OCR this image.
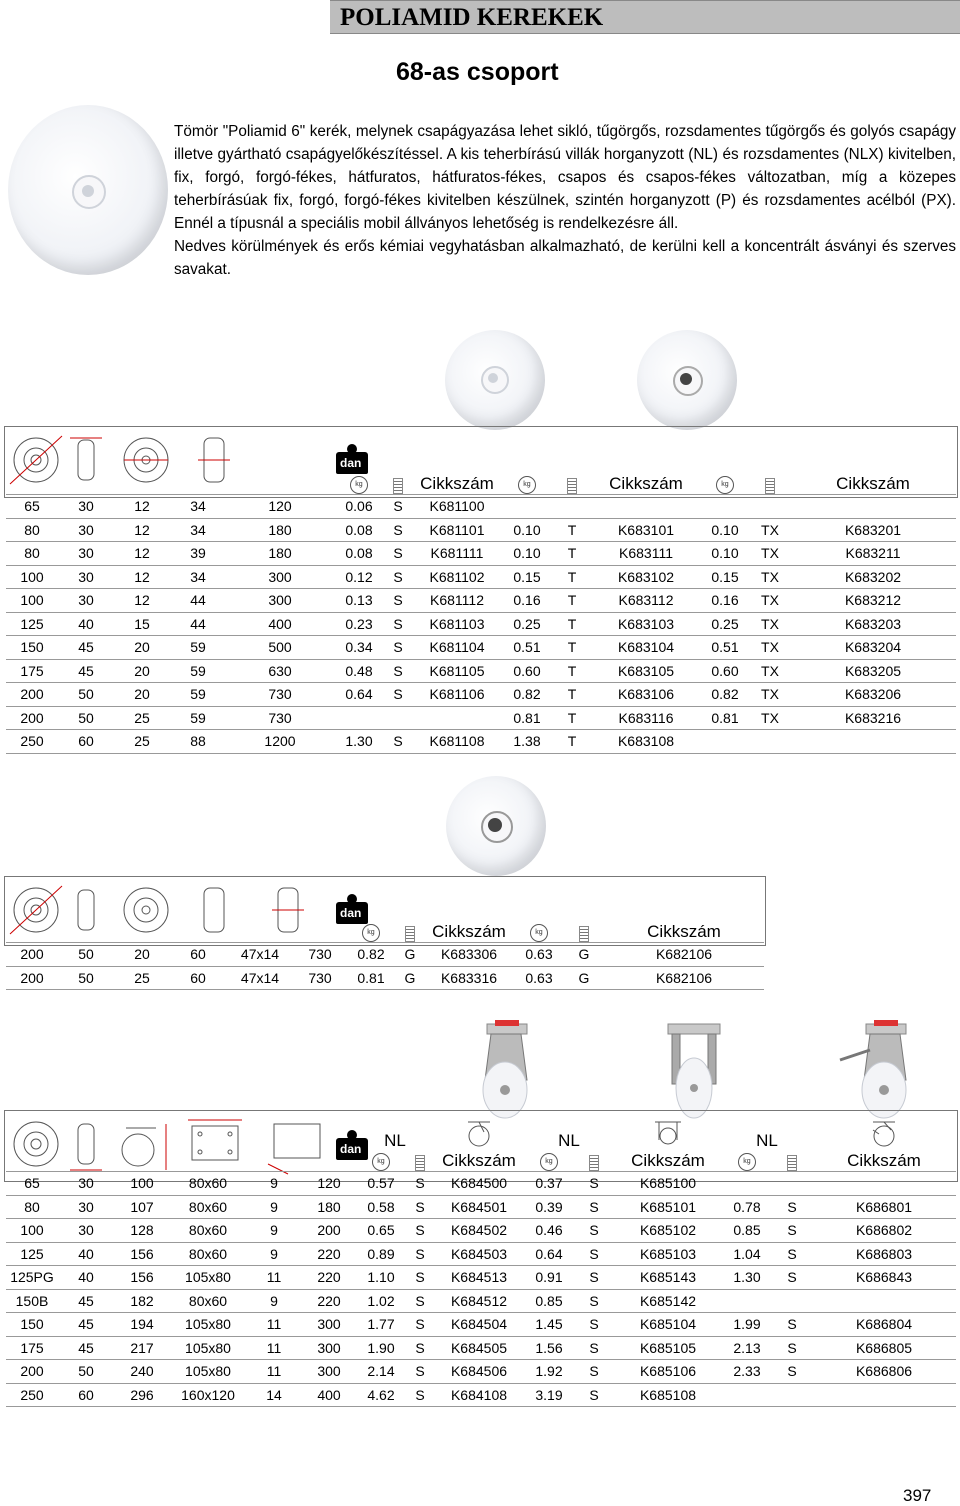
POLIAMID KEREKEK
68-as csoport
Tömör "Poliamid 6" kerék, melynek csapágyazása lehet sikló, tűgörgős, rozsdamentes tűgörgős és golyós csapágy illetve gyártható csapágyelőkészítéssel. A kis teherbírású villák horganyzott (NL) és rozsdamentes (NLX) kivitelben, fix, forgó, forgó-fékes, hátfuratos, hátfuratos-fékes, csapos és csapos-fékes változatban, míg a közepes teherbírásúak fix, forgó, forgó-fékes kivitelben készülnek, szintén horganyzott (P) és rozsdamentes acélból (PX). Ennél a típusnál a speciális mobil állványos lehetőség is rendelkezésre áll.
Nedves körülmények és erős kémiai vegyhatásban alkalmazható, de kerülni kell a koncentrált ásványi és szerves savakat.
dan
					kg		Cikkszám	kg		Cikkszám	kg		Cikkszám
65	30	12	34	120	0.06	S	K681100						
80	30	12	34	180	0.08	S	K681101	0.10	T	K683101	0.10	TX	K683201
80	30	12	39	180	0.08	S	K681111	0.10	T	K683111	0.10	TX	K683211
100	30	12	34	300	0.12	S	K681102	0.15	T	K683102	0.15	TX	K683202
100	30	12	44	300	0.13	S	K681112	0.16	T	K683112	0.16	TX	K683212
125	40	15	44	400	0.23	S	K681103	0.25	T	K683103	0.25	TX	K683203
150	45	20	59	500	0.34	S	K681104	0.51	T	K683104	0.51	TX	K683204
175	45	20	59	630	0.48	S	K681105	0.60	T	K683105	0.60	TX	K683205
200	50	20	59	730	0.64	S	K681106	0.82	T	K683106	0.82	TX	K683206
200	50	25	59	730				0.81	T	K683116	0.81	TX	K683216
250	60	25	88	1200	1.30	S	K681108	1.38	T	K683108			
dan
						kg		Cikkszám	kg		Cikkszám
200	50	20	60	47x14	730	0.82	G	K683306	0.63	G	K682106
200	50	25	60	47x14	730	0.81	G	K683316	0.63	G	K682106
dan
						NL			NL			NL	
						kg		Cikkszám	kg		Cikkszám	kg		Cikkszám
65	30	100	80x60	9	120	0.57	S	K684500	0.37	S	K685100			
80	30	107	80x60	9	180	0.58	S	K684501	0.39	S	K685101	0.78	S	K686801
100	30	128	80x60	9	200	0.65	S	K684502	0.46	S	K685102	0.85	S	K686802
125	40	156	80x60	9	220	0.89	S	K684503	0.64	S	K685103	1.04	S	K686803
125PG	40	156	105x80	11	220	1.10	S	K684513	0.91	S	K685143	1.30	S	K686843
150B	45	182	80x60	9	220	1.02	S	K684512	0.85	S	K685142			
150	45	194	105x80	11	300	1.77	S	K684504	1.45	S	K685104	1.99	S	K686804
175	45	217	105x80	11	300	1.90	S	K684505	1.56	S	K685105	2.13	S	K686805
200	50	240	105x80	11	300	2.14	S	K684506	1.92	S	K685106	2.33	S	K686806
250	60	296	160x120	14	400	4.62	S	K684108	3.19	S	K685108			
397
